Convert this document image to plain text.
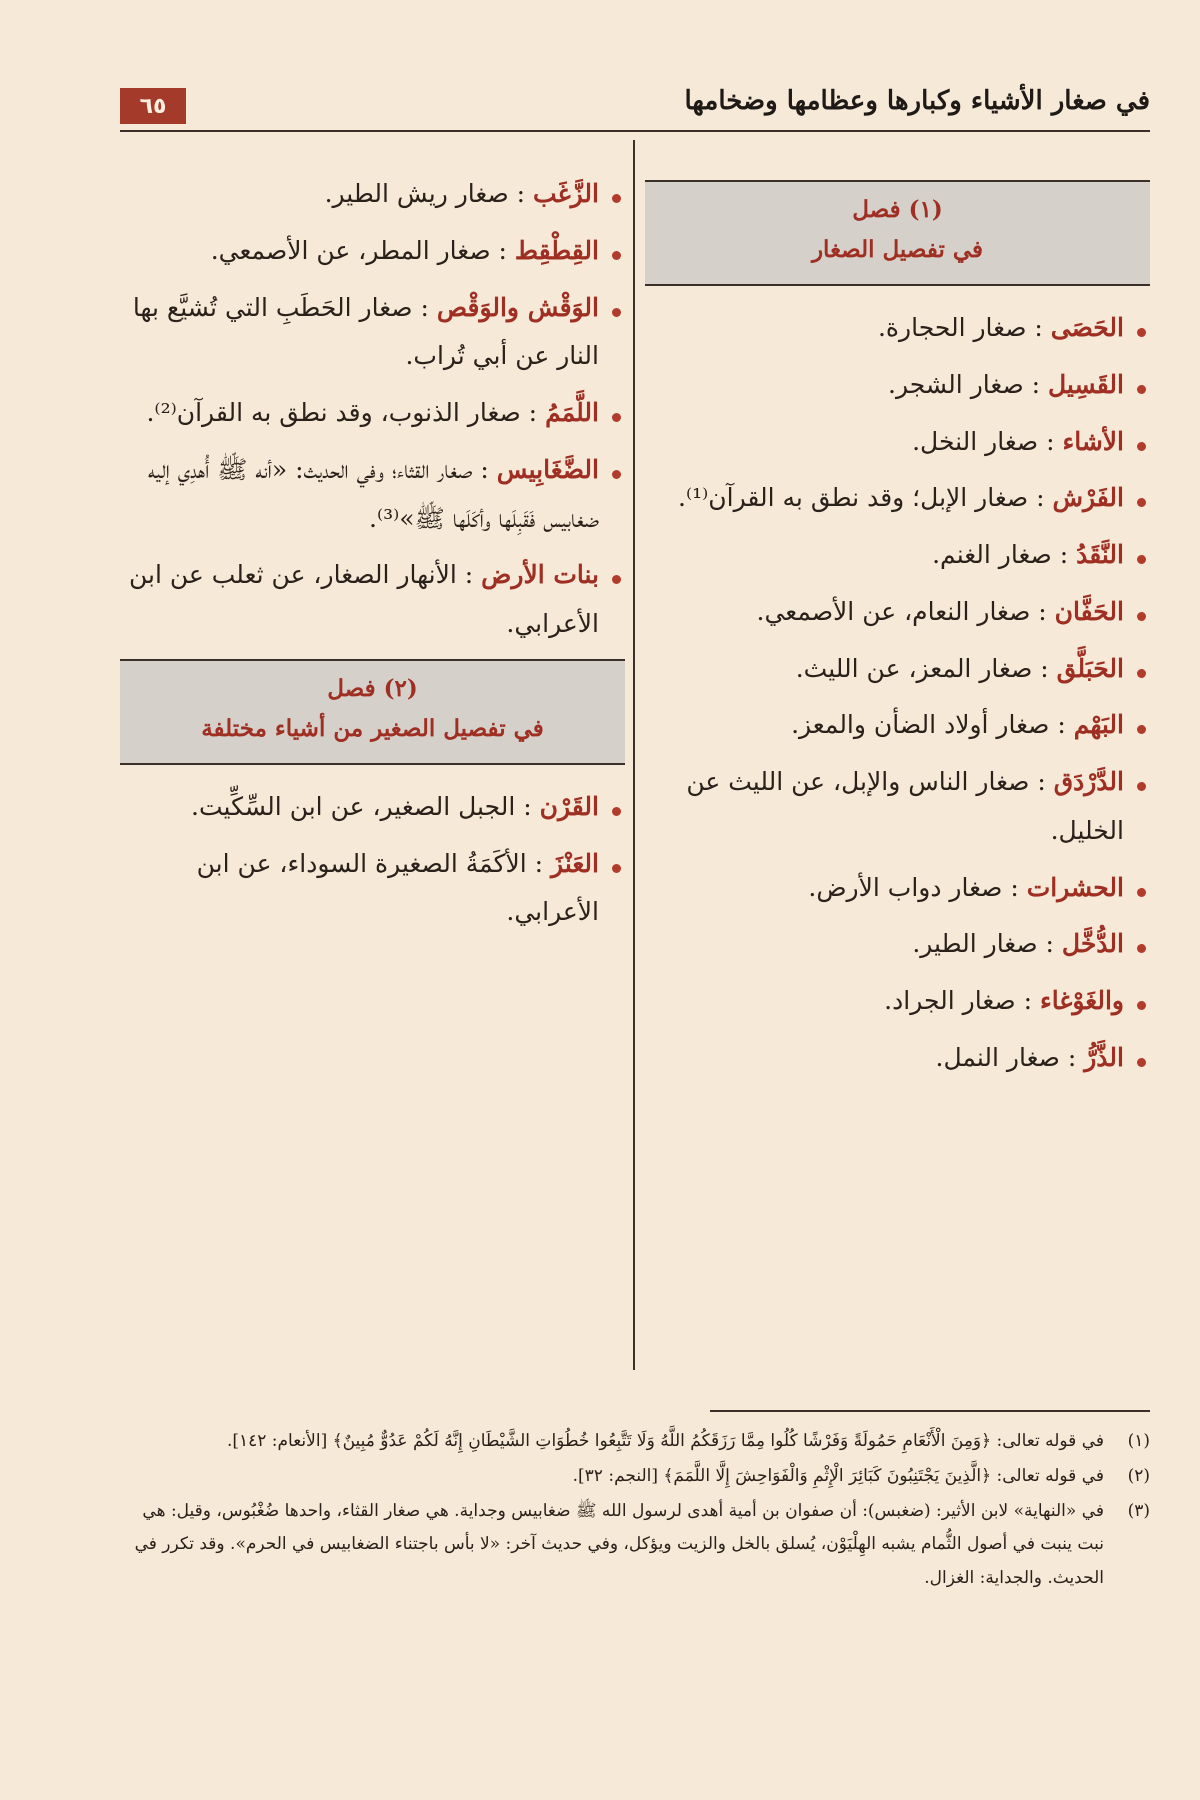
٦٥	في صغار الأشياء وكبارها وعظامها وضخامها
(١) فصل
في تفصيل الصغار
الحَصَى : صغار الحجارة.
القَسِيل : صغار الشجر.
الأشاء : صغار النخل.
الفَرْش : صغار الإبل؛ وقد نطق به القرآن⁽¹⁾.
النَّقَدُ : صغار الغنم.
الحَفَّان : صغار النعام، عن الأصمعي.
الحَبَلَّق : صغار المعز، عن الليث.
البَهْم : صغار أولاد الضأن والمعز.
الدَّرْدَق : صغار الناس والإبل، عن الليث عن الخليل.
الحشرات : صغار دواب الأرض.
الدُّخَّل : صغار الطير.
والغَوْغاء : صغار الجراد.
الذَّرُّ : صغار النمل.
الزَّغَب : صغار ريش الطير.
القِطْقِط : صغار المطر، عن الأصمعي.
الوَقْش والوَقْص : صغار الحَطَبِ التي تُشيَّع بها النار عن أبي تُراب.
اللَّمَمُ : صغار الذنوب، وقد نطق به القرآن⁽²⁾.
الضَّغَابِيس : صغار القثاء؛ وفي الحديث: «أنه ﷺ أُهدِي إليه ضغابيس فَقَبِلَها وأكَلَها ﷺ»⁽³⁾.
بنات الأرض : الأنهار الصغار، عن ثعلب عن ابن الأعرابي.
(٢) فصل
في تفصيل الصغير من أشياء مختلفة
القَرْن : الجبل الصغير، عن ابن السِّكِّيت.
العَنْزَ : الأكَمَةُ الصغيرة السوداء، عن ابن الأعرابي.
(١)
في قوله تعالى: ﴿وَمِنَ الْأَنْعَامِ حَمُولَةً وَفَرْشًا كُلُوا مِمَّا رَزَقَكُمُ اللَّهُ وَلَا تَتَّبِعُوا خُطُوَاتِ الشَّيْطَانِ إِنَّهُ لَكُمْ عَدُوٌّ مُبِينٌ﴾ [الأنعام: ١٤٢].
(٢)
في قوله تعالى: ﴿الَّذِينَ يَجْتَنِبُونَ كَبَائِرَ الْإِثْمِ وَالْفَوَاحِشَ إِلَّا اللَّمَمَ﴾ [النجم: ٣٢].
(٣)
في «النهاية» لابن الأثير: (ضغبس): أن صفوان بن أمية أهدى لرسول الله ﷺ ضغابيس وجداية. هي صغار القثاء، واحدها ضُغْبُوس، وقيل: هي نبت ينبت في أصول الثُّمام يشبه الهِلْيَوْن، يُسلق بالخل والزيت ويؤكل، وفي حديث آخر: «لا بأس باجتناء الضغابيس في الحرم». وقد تكرر في الحديث. والجداية: الغزال.
